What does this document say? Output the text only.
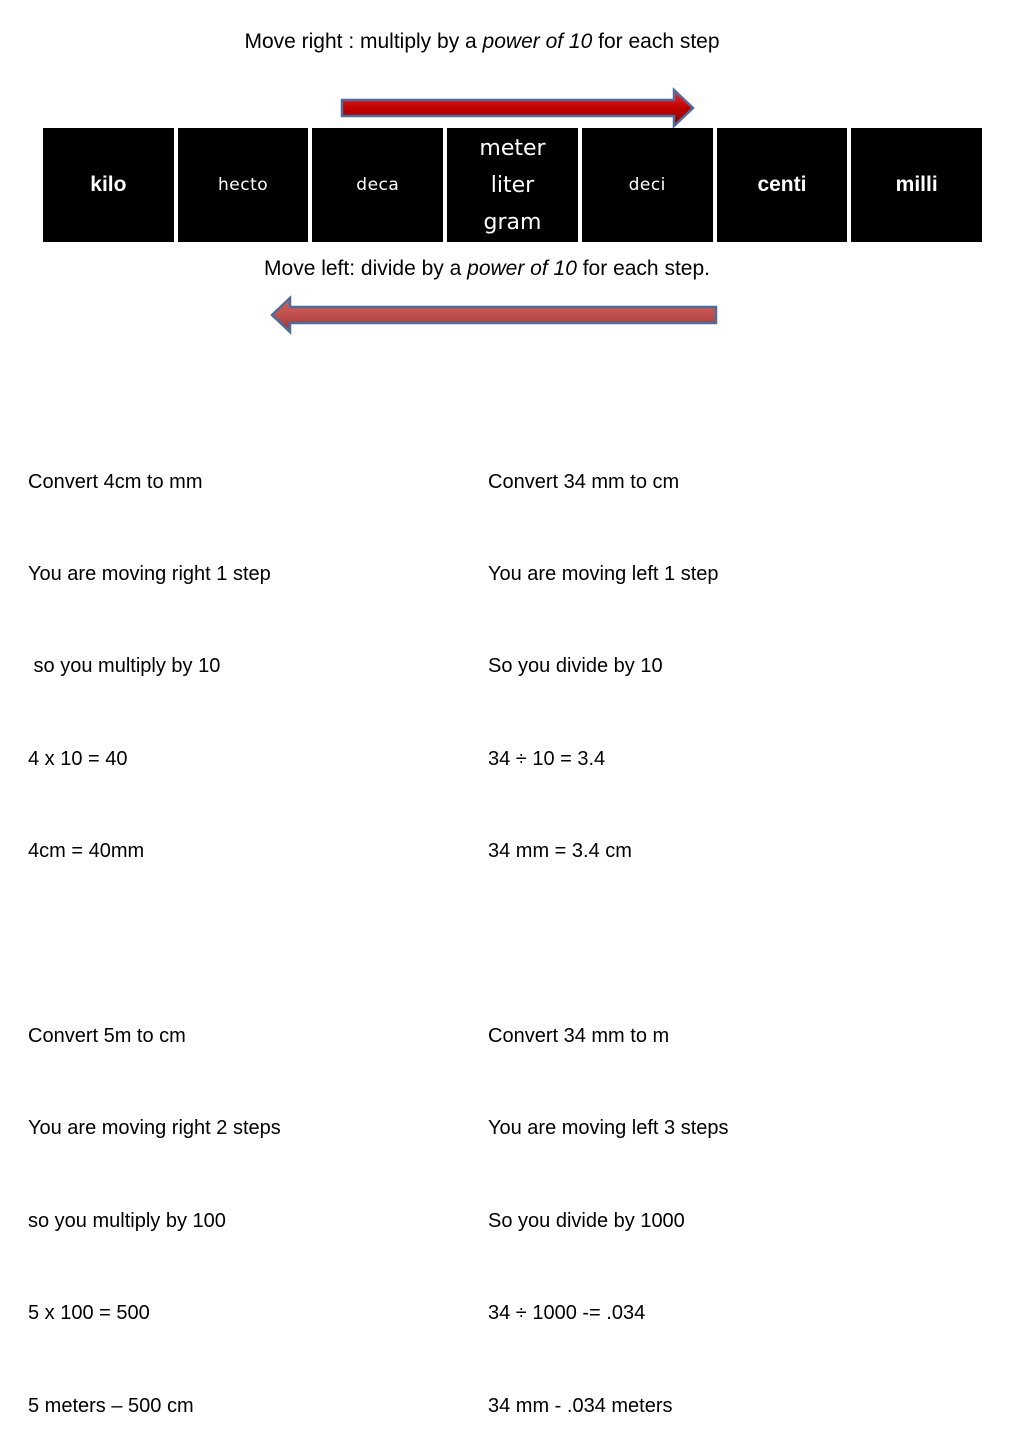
Move right : multiply by a power of 10 for each step
kilo	hecto	deca
meter
liter
gram
deci	centi	milli
Move left: divide by a power of 10 for each step.

Convert 4cm to mm

You are moving right 1 step

so you multiply by 10

4 x 10 = 40

4cm = 40mm

Convert 5m to cm

You are moving right 2 steps

so you multiply by 100

5 x 100 = 500

5 meters – 500 cm

Convert 34 mm to cm

You are moving left 1 step

So you divide by 10

34 ÷ 10 = 3.4

34 mm = 3.4 cm

Convert 34 mm to m

You are moving left 3 steps

So you divide by 1000

34 ÷ 1000 -= .034

34 mm - .034 meters
